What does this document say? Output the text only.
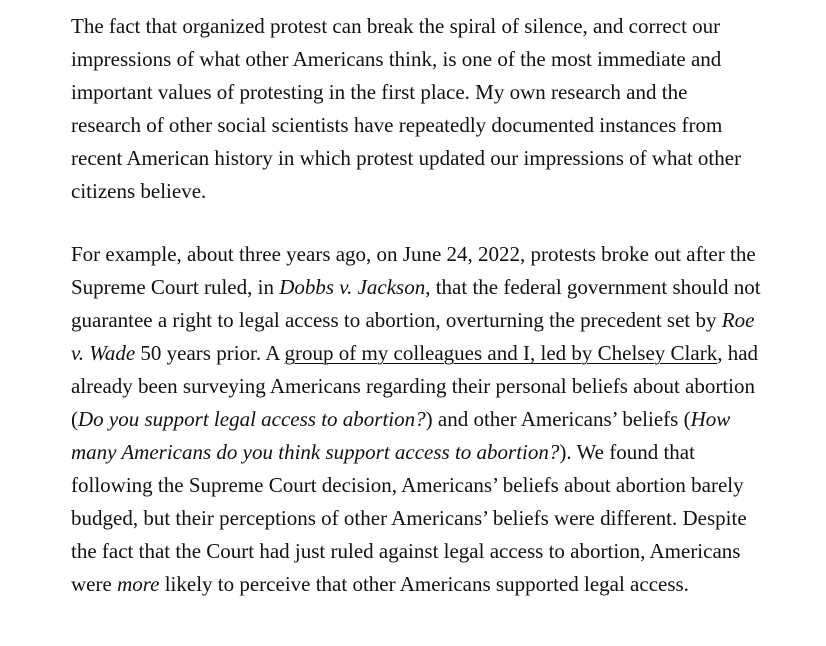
The fact that organized protest can break the spiral of silence, and correct our impressions of what other Americans think, is one of the most immediate and important values of protesting in the first place. My own research and the research of other social scientists have repeatedly documented instances from recent American history in which protest updated our impressions of what other citizens believe.

For example, about three years ago, on June 24, 2022, protests broke out after the Supreme Court ruled, in Dobbs v. Jackson, that the federal government should not guarantee a right to legal access to abortion, overturning the precedent set by Roe v. Wade 50 years prior. A group of my colleagues and I, led by Chelsey Clark, had already been surveying Americans regarding their personal beliefs about abortion (Do you support legal access to abortion?) and other Americans’ beliefs (How many Americans do you think support access to abortion?). We found that following the Supreme Court decision, Americans’ beliefs about abortion barely budged, but their perceptions of other Americans’ beliefs were different. Despite the fact that the Court had just ruled against legal access to abortion, Americans were more likely to perceive that other Americans supported legal access.
